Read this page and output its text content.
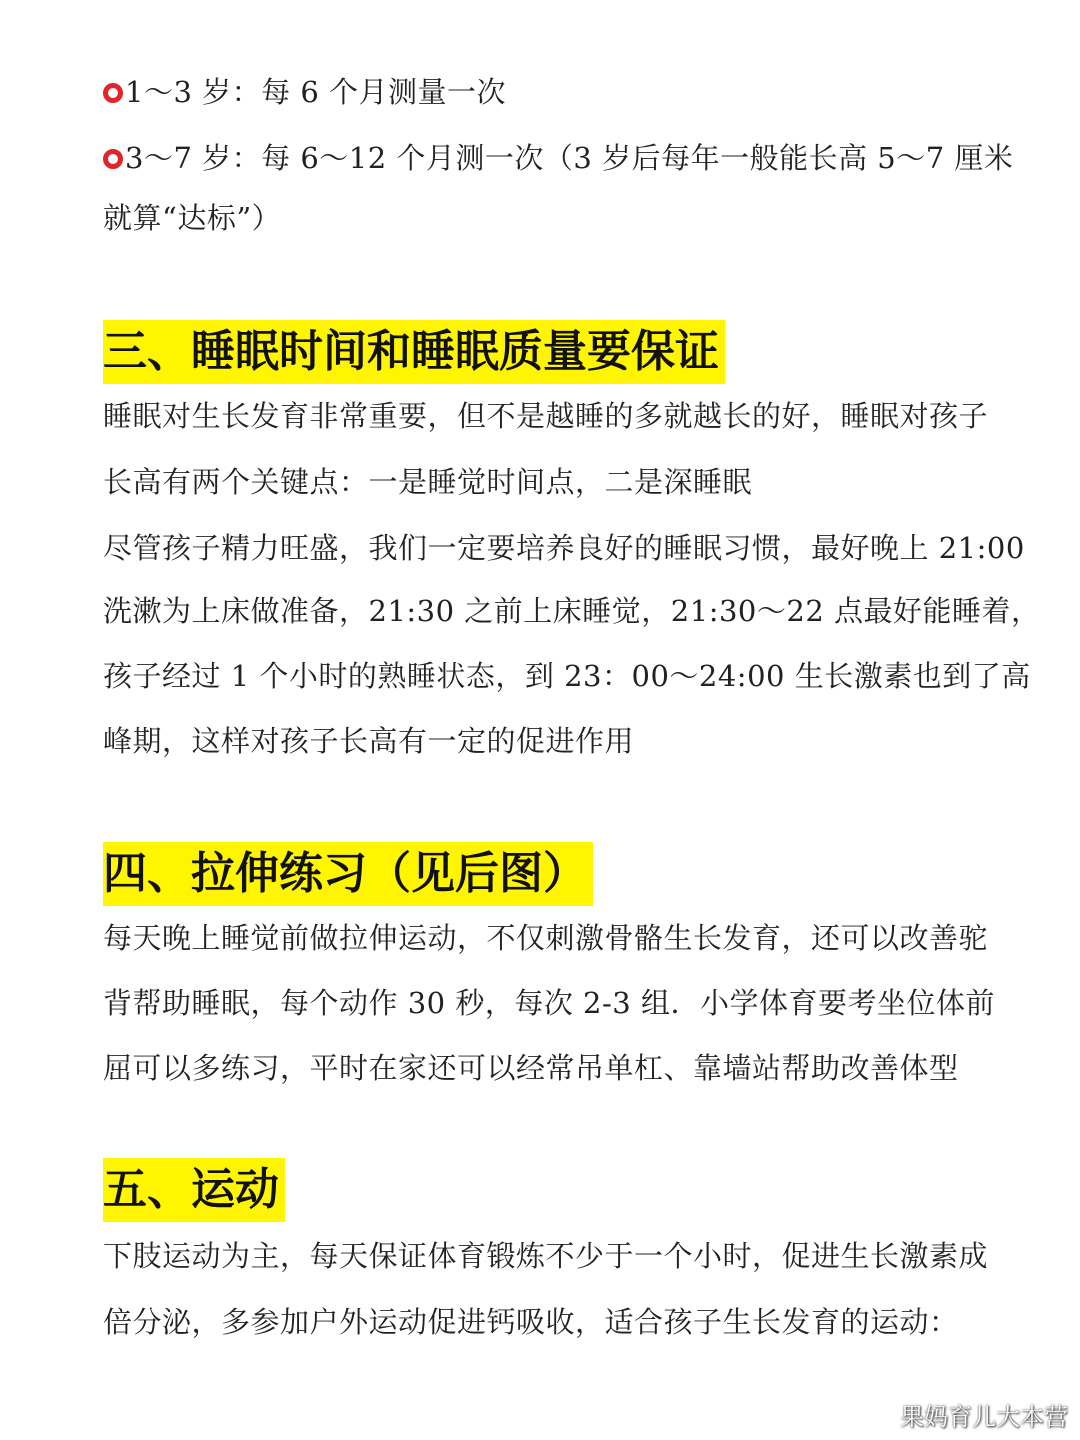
1～3 岁：每 6 个月测量一次
3～7 岁：每 6～12 个月测一次（3 岁后每年一般能长高 5～7 厘米
就算“达标”）
三、睡眠时间和睡眠质量要保证
睡眠对生长发育非常重要，但不是越睡的多就越长的好，睡眠对孩子
长高有两个关键点：一是睡觉时间点，二是深睡眠
尽管孩子精力旺盛，我们一定要培养良好的睡眠习惯，最好晚上 21:00
洗漱为上床做准备，21:30 之前上床睡觉，21:30～22 点最好能睡着，
孩子经过 1 个小时的熟睡状态，到 23：00～24:00 生长激素也到了高
峰期，这样对孩子长高有一定的促进作用
四、拉伸练习（见后图）
每天晚上睡觉前做拉伸运动，不仅刺激骨骼生长发育，还可以改善驼
背帮助睡眠，每个动作 30 秒，每次 2-3 组．小学体育要考坐位体前
屈可以多练习，平时在家还可以经常吊单杠、靠墙站帮助改善体型
五、运动
下肢运动为主，每天保证体育锻炼不少于一个小时，促进生长激素成
倍分泌，多参加户外运动促进钙吸收，适合孩子生长发育的运动：
果妈育儿大本营
